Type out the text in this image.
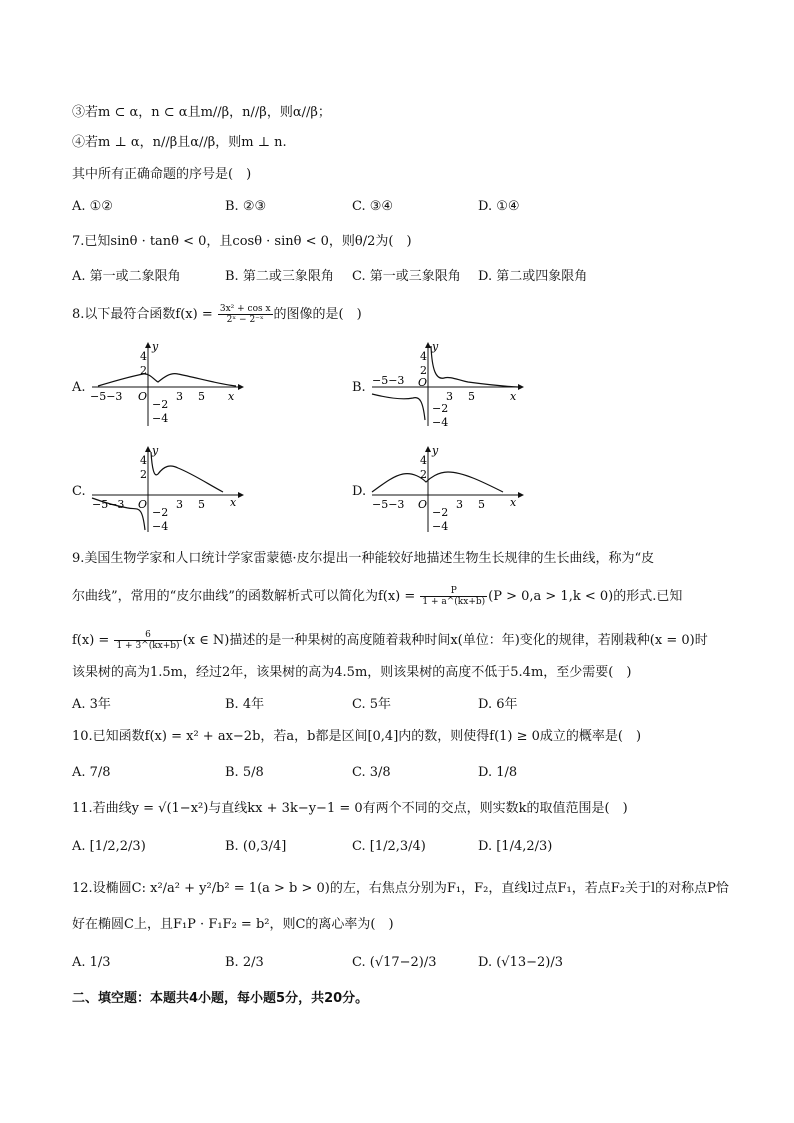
③若m ⊂ α，n ⊂ α且m//β，n//β，则α//β；
④若m ⊥ α，n//β且α//β，则m ⊥ n.
其中所有正确命题的序号是(　)
A. ①②	B. ②③	C. ③④	D. ①④
7.已知sinθ · tanθ < 0，且cosθ · sinθ < 0，则θ/2为(　)
A. 第一或二象限角	B. 第二或三象限角 C. 第一或三象限角 D. 第二或四象限角
8.以下最符合函数$f(x) = \frac{\text{3x² + cos x}}{\text{2ˣ − 2⁻ˣ}}$ 的图像的是(　)
A.	B.
C.	D.
y
4
2
−5−3 O	3 5 x
−2
−4
y
4
2
−5−3 O
3 5	x
−2
−4
y
4
2
−5−3 O	3 5 x
−2
−4
y
4
2
−5−3 O	3 5 x
−2
−4
9.美国生物学家和人口统计学家雷蒙德·皮尔提出一种能较好地描述生物生长规律的生长曲线，称为“皮
尔曲线”，常用的“皮尔曲线”的函数解析式可以简化为$f(x) = \frac{P}{1 + a\^{}(kx+b)} (P > 0,a > 1,k < 0)$的形式.已知
$f(x) = \frac{6}{1 + 3\^{}(kx+b)} (x$ ∈ N)描述的是一种果树的高度随着栽种时间x(单位：年)变化的规律，若刚栽种(x = 0)时
该果树的高为1.5m，经过2年，该果树的高为4.5m，则该果树的高度不低于5.4m，至少需要(　)
A. 3年	B. 4年	C. 5年	D. 6年
10.已知函数f(x) = x² + ax−2b，若a，b都是区间[0,4]内的数，则使得f(1) ≥ 0成立的概率是(　)
A. 7/8	B. 5/8	C. 3/8	D. 1/8
11.若曲线y = √(1−x²)与直线kx + 3k−y−1 = 0有两个不同的交点，则实数k的取值范围是(　)
A. [1/2,2/3)	B. (0,3/4]	C. [1/2,3/4)	D. [1/4,2/3)
12.设椭圆C: x²/a² + y²/b² = 1(a > b > 0)的左，右焦点分别为F₁，F₂，直线l过点F₁，若点F₂关于l的对称点P恰
好在椭圆C上，且F₁P · F₁F₂ = b²，则C的离心率为(　)
A. 1/3	B. 2/3	C. (√17−2)/3	D. (√13−2)/3
二、填空题：本题共4小题，每小题5分，共20分。
